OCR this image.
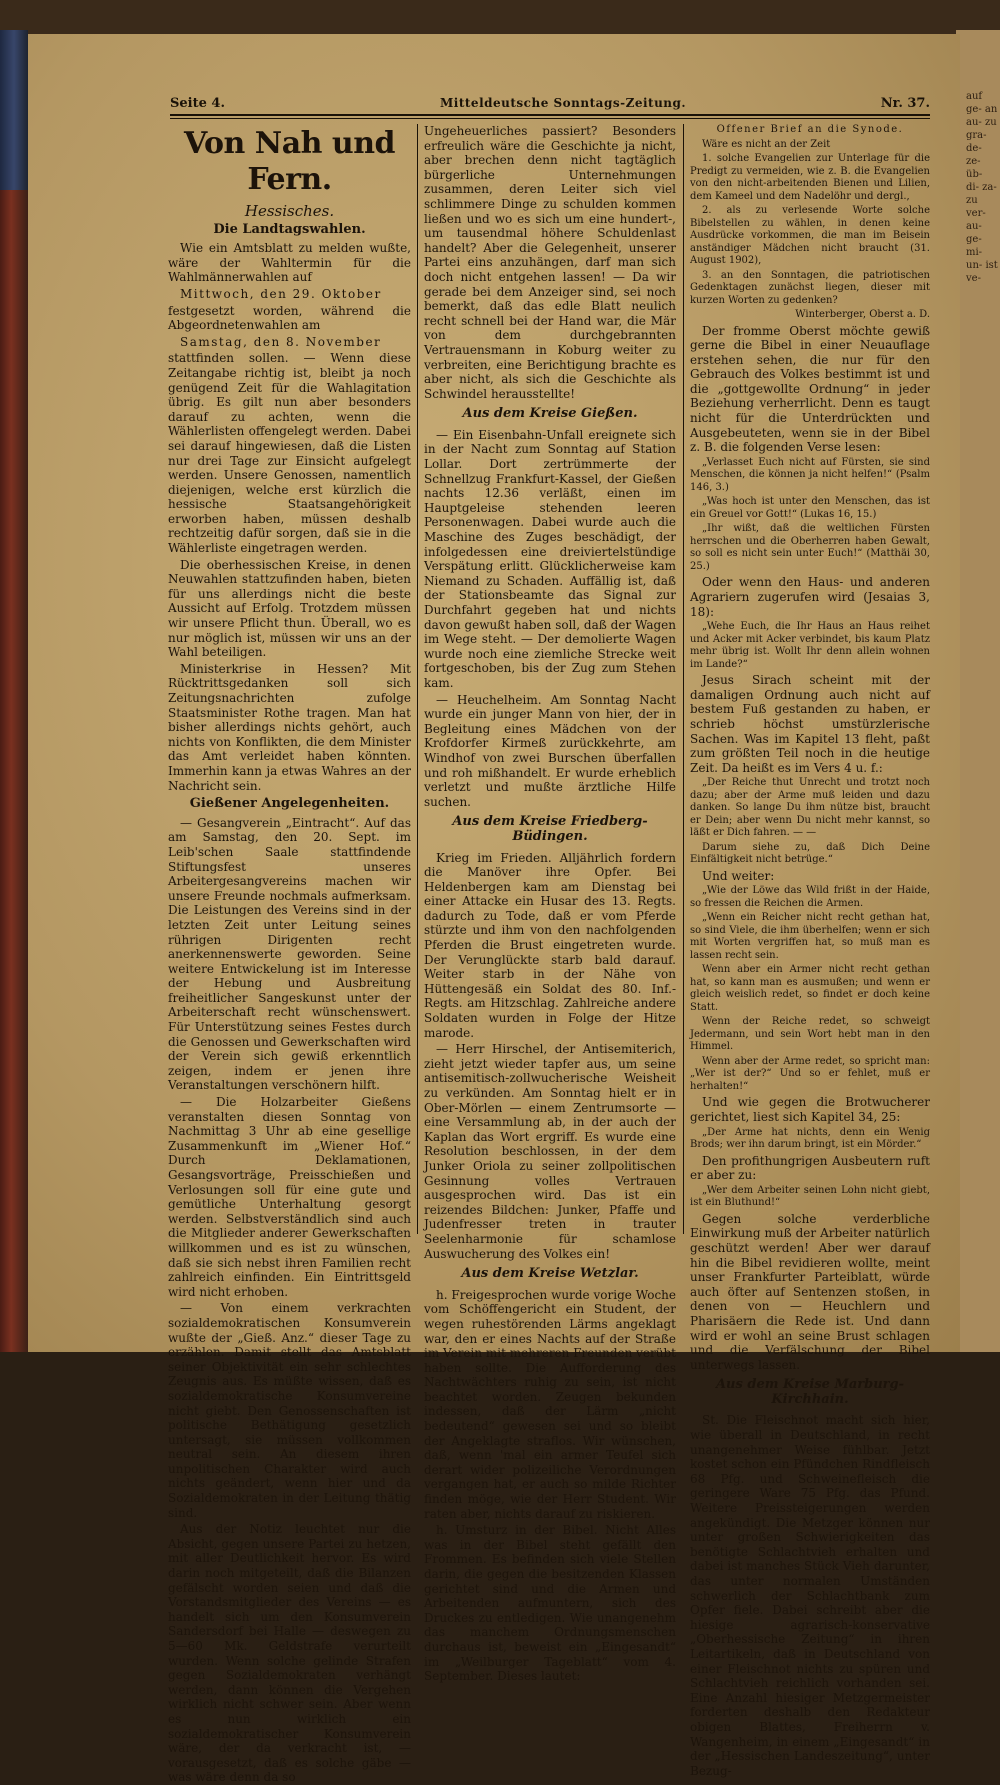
auf ge- an au- zu gra- de- ze- üb- di- za- zu ver- au- ge- mi- un- ist ve-
Seite 4.	Mitteldeutsche Sonntags-Zeitung.	Nr. 37.
Von Nah und Fern.
Hessisches.
Die Landtagswahlen.

Wie ein Amtsblatt zu melden wußte, wäre der Wahltermin für die Wahlmännerwahlen auf

Mittwoch, den 29. Oktober

festgesetzt worden, während die Abgeordnetenwahlen am

Samstag, den 8. November

stattfinden sollen. — Wenn diese Zeitangabe richtig ist, bleibt ja noch genügend Zeit für die Wahlagitation übrig. Es gilt nun aber besonders darauf zu achten, wenn die Wählerlisten offengelegt werden. Dabei sei darauf hingewiesen, daß die Listen nur drei Tage zur Einsicht aufgelegt werden. Unsere Genossen, namentlich diejenigen, welche erst kürzlich die hessische Staatsangehörigkeit erworben haben, müssen deshalb rechtzeitig dafür sorgen, daß sie in die Wählerliste eingetragen werden.

Die oberhessischen Kreise, in denen Neuwahlen stattzufinden haben, bieten für uns allerdings nicht die beste Aussicht auf Erfolg. Trotzdem müssen wir unsere Pflicht thun. Überall, wo es nur möglich ist, müssen wir uns an der Wahl beteiligen.

Ministerkrise in Hessen? Mit Rücktrittsgedanken soll sich Zeitungsnachrichten zufolge Staatsminister Rothe tragen. Man hat bisher allerdings nichts gehört, auch nichts von Konflikten, die dem Minister das Amt verleidet haben könnten. Immerhin kann ja etwas Wahres an der Nachricht sein.

Gießener Angelegenheiten.

— Gesangverein „Eintracht“. Auf das am Samstag, den 20. Sept. im Leib'schen Saale stattfindende Stiftungsfest unseres Arbeitergesangvereins machen wir unsere Freunde nochmals aufmerksam. Die Leistungen des Vereins sind in der letzten Zeit unter Leitung seines rührigen Dirigenten recht anerkennenswerte geworden. Seine weitere Entwickelung ist im Interesse der Hebung und Ausbreitung freiheitlicher Sangeskunst unter der Arbeiterschaft recht wünschenswert. Für Unterstützung seines Festes durch die Genossen und Gewerkschaften wird der Verein sich gewiß erkenntlich zeigen, indem er jenen ihre Veranstaltungen verschönern hilft.

— Die Holzarbeiter Gießens veranstalten diesen Sonntag von Nachmittag 3 Uhr ab eine gesellige Zusammenkunft im „Wiener Hof.“ Durch Deklamationen, Gesangsvorträge, Preisschießen und Verlosungen soll für eine gute und gemütliche Unterhaltung gesorgt werden. Selbstverständlich sind auch die Mitglieder anderer Gewerkschaften willkommen und es ist zu wünschen, daß sie sich nebst ihren Familien recht zahlreich einfinden. Ein Eintrittsgeld wird nicht erhoben.

— Von einem verkrachten sozialdemokratischen Konsumverein wußte der „Gieß. Anz.“ dieser Tage zu erzählen. Damit stellt das Amtsblatt seiner Objektivität ein sehr schlechtes Zeugnis aus. Es müßte wissen, daß es sozialdemokratische Konsumvereine nicht giebt. Den Genossenschaften ist politische Bethätigung gesetzlich untersagt, sie müssen vollkommen neutral sein. An diesem ihren unpolitischen Charakter wird auch nichts geändert, wenn hier und da Sozialdemokraten in der Leitung thätig sind.

Aus der Notiz leuchtet nur die Absicht, gegen unsere Partei zu hetzen, mit aller Deutlichkeit hervor. Es wird darin noch mitgeteilt, daß die Bilanzen gefälscht worden seien und daß die Vorstandsmitglieder des Vereins — es handelt sich um den Konsumverein Sandersdorf bei Halle — deswegen zu 5—60 Mk. Geldstrafe verurteilt wurden. Wenn solche gelinde Strafen gegen Sozialdemokraten verhängt werden, dann können die Vergehen wirklich nicht schwer sein. Aber wenn es nun wirklich ein sozialdemokratischer Konsumverein wäre, der da verkracht ist, — vorausgesetzt, daß es solche gäbe — was wäre denn da so

Ungeheuerliches passiert? Besonders erfreulich wäre die Geschichte ja nicht, aber brechen denn nicht tagtäglich bürgerliche Unternehmungen zusammen, deren Leiter sich viel schlimmere Dinge zu schulden kommen ließen und wo es sich um eine hundert-, um tausendmal höhere Schuldenlast handelt? Aber die Gelegenheit, unserer Partei eins anzuhängen, darf man sich doch nicht entgehen lassen! — Da wir gerade bei dem Anzeiger sind, sei noch bemerkt, daß das edle Blatt neulich recht schnell bei der Hand war, die Mär von dem durchgebrannten Vertrauensmann in Koburg weiter zu verbreiten, eine Berichtigung brachte es aber nicht, als sich die Geschichte als Schwindel herausstellte!

Aus dem Kreise Gießen.

— Ein Eisenbahn-Unfall ereignete sich in der Nacht zum Sonntag auf Station Lollar. Dort zertrümmerte der Schnellzug Frankfurt-Kassel, der Gießen nachts 12.36 verläßt, einen im Hauptgeleise stehenden leeren Personenwagen. Dabei wurde auch die Maschine des Zuges beschädigt, der infolgedessen eine dreiviertelstündige Verspätung erlitt. Glücklicherweise kam Niemand zu Schaden. Auffällig ist, daß der Stationsbeamte das Signal zur Durchfahrt gegeben hat und nichts davon gewußt haben soll, daß der Wagen im Wege steht. — Der demolierte Wagen wurde noch eine ziemliche Strecke weit fortgeschoben, bis der Zug zum Stehen kam.

— Heuchelheim. Am Sonntag Nacht wurde ein junger Mann von hier, der in Begleitung eines Mädchen von der Krofdorfer Kirmeß zurückkehrte, am Windhof von zwei Burschen überfallen und roh mißhandelt. Er wurde erheblich verletzt und mußte ärztliche Hilfe suchen.

Aus dem Kreise Friedberg-Büdingen.

Krieg im Frieden. Alljährlich fordern die Manöver ihre Opfer. Bei Heldenbergen kam am Dienstag bei einer Attacke ein Husar des 13. Regts. dadurch zu Tode, daß er vom Pferde stürzte und ihm von den nachfolgenden Pferden die Brust eingetreten wurde. Der Verunglückte starb bald darauf. Weiter starb in der Nähe von Hüttengesäß ein Soldat des 80. Inf.-Regts. am Hitzschlag. Zahlreiche andere Soldaten wurden in Folge der Hitze marode.

— Herr Hirschel, der Antisemiterich, zieht jetzt wieder tapfer aus, um seine antisemitisch-zollwucherische Weisheit zu verkünden. Am Sonntag hielt er in Ober-Mörlen — einem Zentrumsorte — eine Versammlung ab, in der auch der Kaplan das Wort ergriff. Es wurde eine Resolution beschlossen, in der dem Junker Oriola zu seiner zollpolitischen Gesinnung volles Vertrauen ausgesprochen wird. Das ist ein reizendes Bildchen: Junker, Pfaffe und Judenfresser treten in trauter Seelenharmonie für schamlose Auswucherung des Volkes ein!

Aus dem Kreise Wetzlar.

h. Freigesprochen wurde vorige Woche vom Schöffengericht ein Student, der wegen ruhestörenden Lärms angeklagt war, den er eines Nachts auf der Straße im Verein mit mehreren Freunden verübt haben sollte. Die Aufforderung des Nachtwächters ruhig zu sein, ist nicht beachtet worden. Zeugen bekunden indessen, daß der Lärm „nicht bedeutend“ gewesen sei und so bleibt der Angeklagte straflos. Wir wünschen, daß, wenn 'mal ein armer Teufel sich derart wider polizeiliche Verordnungen vergangen hat, er auch so milde Richter finden möge, wie der Herr Student. Wir raten aber, nichts darauf zu riskieren.

h. Umsturz in der Bibel. Nicht Alles was in der Bibel steht gefällt den Frommen. Es befinden sich viele Stellen darin, die gegen die besitzenden Klassen gerichtet sind und die Armen und Arbeitenden aufmuntern, sich des Druckes zu entledigen. Wie unangenehm das manchem Ordnungsmenschen durchaus ist, beweist ein „Eingesandt“ im „Weilburger Tageblatt“ vom 4. September. Dieses lautet:

Offener Brief an die Synode.

Wäre es nicht an der Zeit

1. solche Evangelien zur Unterlage für die Predigt zu vermeiden, wie z. B. die Evangelien von den nicht-arbeitenden Bienen und Lilien, dem Kameel und dem Nadelöhr und dergl.,

2. als zu verlesende Worte solche Bibelstellen zu wählen, in denen keine Ausdrücke vorkommen, die man im Beisein anständiger Mädchen nicht braucht (31. August 1902),

3. an den Sonntagen, die patriotischen Gedenktagen zunächst liegen, dieser mit kurzen Worten zu gedenken?

Winterberger, Oberst a. D.

Der fromme Oberst möchte gewiß gerne die Bibel in einer Neuauflage erstehen sehen, die nur für den Gebrauch des Volkes bestimmt ist und die „gottgewollte Ordnung“ in jeder Beziehung verherrlicht. Denn es taugt nicht für die Unterdrückten und Ausgebeuteten, wenn sie in der Bibel z. B. die folgenden Verse lesen:

„Verlasset Euch nicht auf Fürsten, sie sind Menschen, die können ja nicht helfen!“ (Psalm 146, 3.)

„Was hoch ist unter den Menschen, das ist ein Greuel vor Gott!“ (Lukas 16, 15.)

„Ihr wißt, daß die weltlichen Fürsten herrschen und die Oberherren haben Gewalt, so soll es nicht sein unter Euch!“ (Matthäi 30, 25.)

Oder wenn den Haus- und anderen Agrariern zugerufen wird (Jesaias 3, 18):

„Wehe Euch, die Ihr Haus an Haus reihet und Acker mit Acker verbindet, bis kaum Platz mehr übrig ist. Wollt Ihr denn allein wohnen im Lande?“

Jesus Sirach scheint mit der damaligen Ordnung auch nicht auf bestem Fuß gestanden zu haben, er schrieb höchst umstürzlerische Sachen. Was im Kapitel 13 fleht, paßt zum größten Teil noch in die heutige Zeit. Da heißt es im Vers 4 u. f.:

„Der Reiche thut Unrecht und trotzt noch dazu; aber der Arme muß leiden und dazu danken. So lange Du ihm nütze bist, braucht er Dein; aber wenn Du nicht mehr kannst, so läßt er Dich fahren. — —

Darum siehe zu, daß Dich Deine Einfältigkeit nicht betrüge.“

Und weiter:

„Wie der Löwe das Wild frißt in der Haide, so fressen die Reichen die Armen.

„Wenn ein Reicher nicht recht gethan hat, so sind Viele, die ihm überhelfen; wenn er sich mit Worten vergriffen hat, so muß man es lassen recht sein.

Wenn aber ein Armer nicht recht gethan hat, so kann man es ausmußen; und wenn er gleich weislich redet, so findet er doch keine Statt.

Wenn der Reiche redet, so schweigt Jedermann, und sein Wort hebt man in den Himmel.

Wenn aber der Arme redet, so spricht man: „Wer ist der?“ Und so er fehlet, muß er herhalten!“

Und wie gegen die Brotwucherer gerichtet, liest sich Kapitel 34, 25:

„Der Arme hat nichts, denn ein Wenig Brods; wer ihn darum bringt, ist ein Mörder.“

Den profithungrigen Ausbeutern ruft er aber zu:

„Wer dem Arbeiter seinen Lohn nicht giebt, ist ein Bluthund!“

Gegen solche verderbliche Einwirkung muß der Arbeiter natürlich geschützt werden! Aber wer darauf hin die Bibel revidieren wollte, meint unser Frankfurter Parteiblatt, würde auch öfter auf Sentenzen stoßen, in denen von — Heuchlern und Pharisäern die Rede ist. Und dann wird er wohl an seine Brust schlagen und die Verfälschung der Bibel unterwegs lassen.

Aus dem Kreise Marburg-Kirchhain.

St. Die Fleischnot macht sich hier, wie überall in Deutschland, in recht unangenehmer Weise fühlbar. Jetzt kostet schon ein Pfündchen Rindfleisch 68 Pfg. und Schweinefleisch die geringere Ware 75 Pfg. das Pfund. Weitere Preissteigerungen werden angekündigt. Die Metzger können nur unter großen Schwierigkeiten das benötigte Schlachtvieh erhalten und dabei ist manches Stück Vieh darunter, das unter normalen Umständen schwerlich der Schlachtbank zum Opfer fiele. Dabei schreibt aber die hiesige agrarisch-konservative „Oberhessische Zeitung“ in ihren Leitartikeln, daß in Deutschland von einer Fleischnot nichts zu spüren und Schlachtvieh reichlich vorhanden sei. Eine Anzahl hiesiger Metzgermeister forderten deshalb den Redakteur obigen Blattes, Freiherrn v. Wangenheim, in einem „Eingesandt“ in der „Hessischen Landeszeitung“, unter Bezug-
